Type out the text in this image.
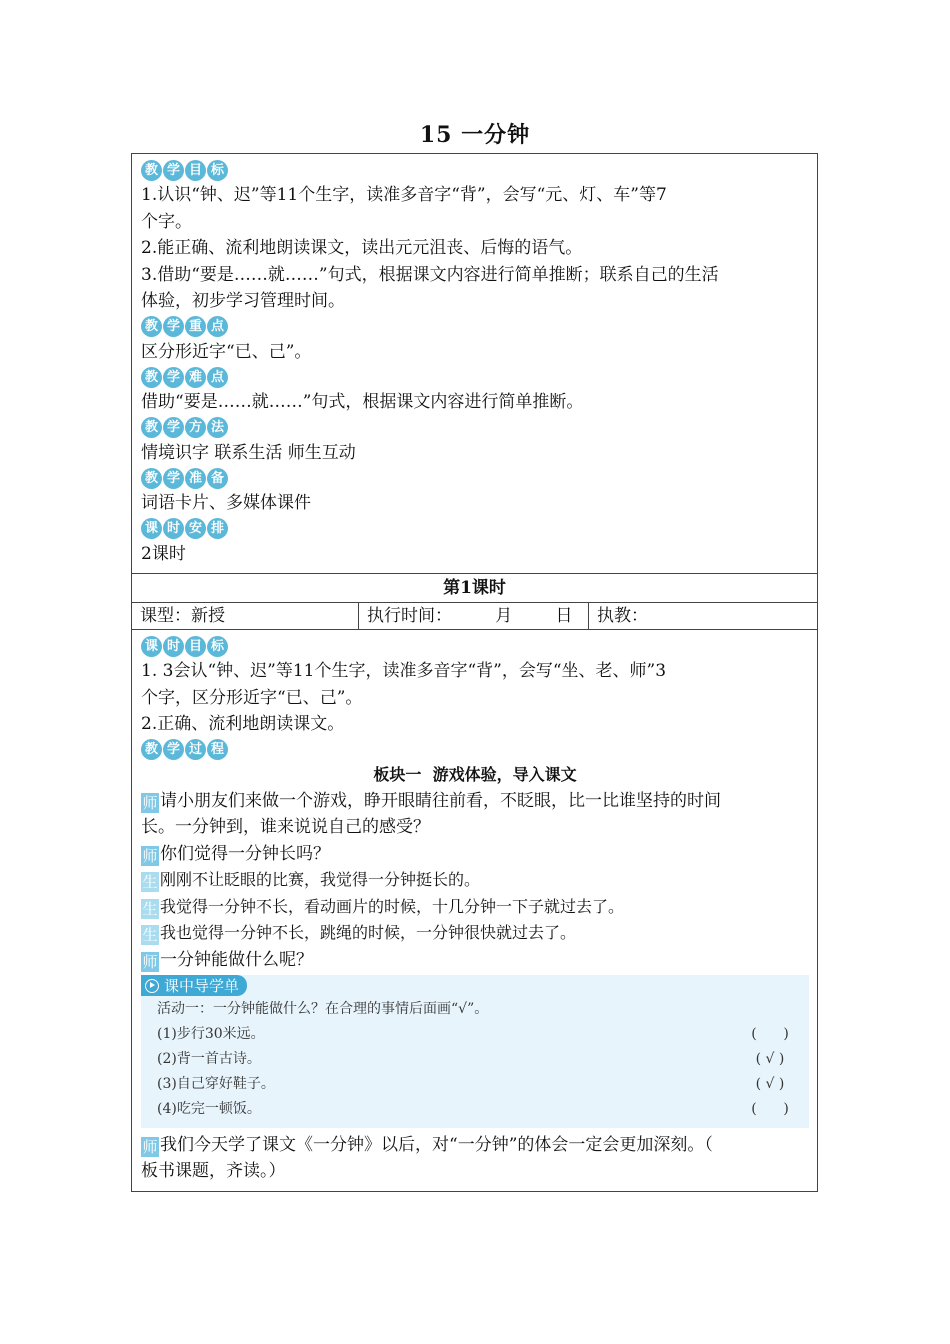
15 一分钟
教 学 目 标
1.认识“钟、迟”等11个生字，读准多音字“背”，会写“元、灯、车”等7
个字。
2.能正确、流利地朗读课文，读出元元沮丧、后悔的语气。
3.借助“要是……就……”句式，根据课文内容进行简单推断；联系自己的生活
体验，初步学习管理时间。
教 学 重 点
区分形近字“已、己”。
教 学 难 点
借助“要是……就……”句式，根据课文内容进行简单推断。
教 学 方 法
情境识字 联系生活 师生互动
教 学 准 备
词语卡片、多媒体课件
课 时 安 排
2课时
第1课时
课型：新授	执行时间：        月        日	执教：
课 时 目 标
1. 3会认“钟、迟”等11个生字，读准多音字“背”，会写“坐、老、师”3
个字，区分形近字“已、己”。
2.正确、流利地朗读课文。
教 学 过 程
板块一  游戏体验，导入课文
师 请小朋友们来做一个游戏，睁开眼睛往前看，不眨眼，比一比谁坚持的时间
长。一分钟到，谁来说说自己的感受？
师 你们觉得一分钟长吗？
生 刚刚不让眨眼的比赛，我觉得一分钟挺长的。
生 我觉得一分钟不长，看动画片的时候，十几分钟一下子就过去了。
生 我也觉得一分钟不长，跳绳的时候，一分钟很快就过去了。
师 一分钟能做什么呢？
课中导学单
活动一：一分钟能做什么？在合理的事情后面画“√”。
(1)步行30米远。	(      )
(2)背一首古诗。	( √ )
(3)自己穿好鞋子。	( √ )
(4)吃完一顿饭。	(      )
师 我们今天学了课文《一分钟》以后，对“一分钟”的体会一定会更加深刻。（
板书课题，齐读。）
